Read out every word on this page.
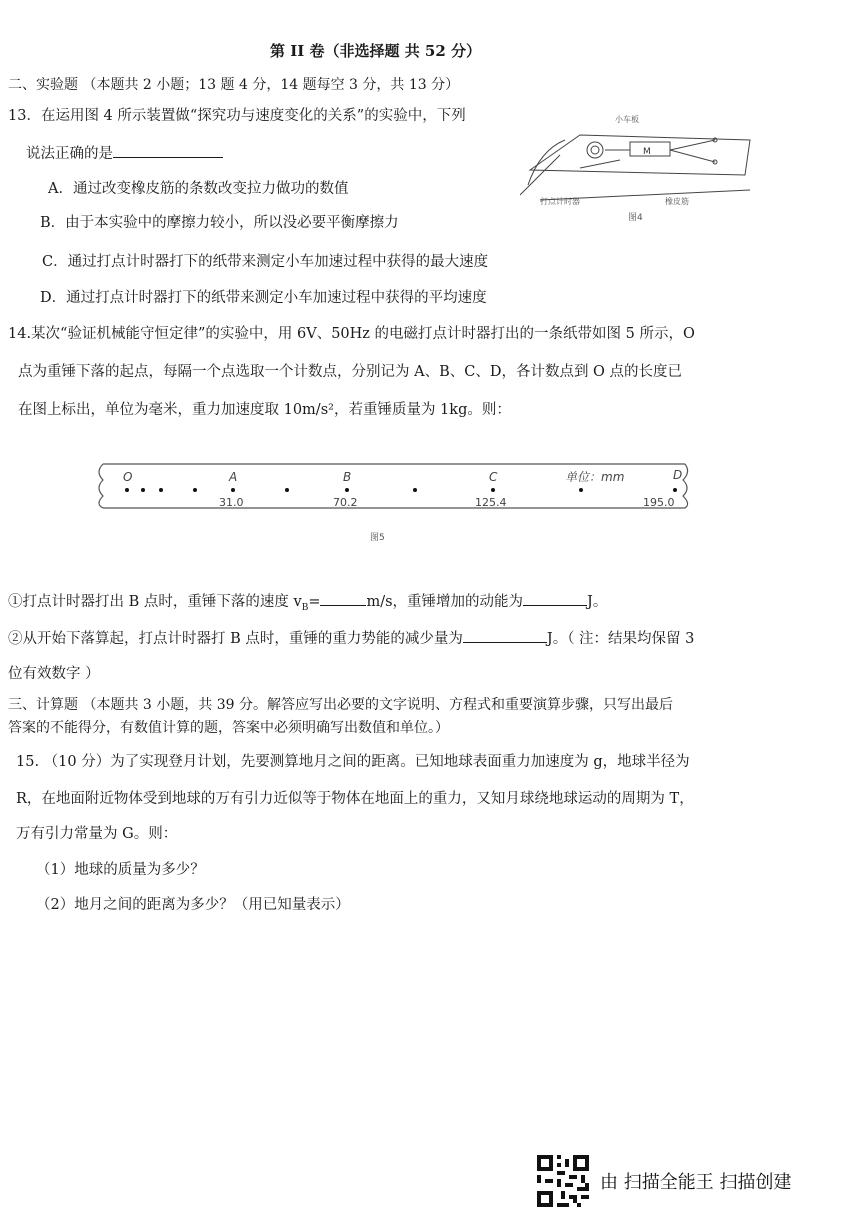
第 II 卷（非选择题 共 52 分）
二、实验题 （本题共 2 小题；13 题 4 分，14 题每空 3 分，共 13 分）
13．在运用图 4 所示装置做“探究功与速度变化的关系”的实验中，下列
说法正确的是
A．通过改变橡皮筋的条数改变拉力做功的数值
B．由于本实验中的摩擦力较小，所以没必要平衡摩擦力
C．通过打点计时器打下的纸带来测定小车加速过程中获得的最大速度
D．通过打点计时器打下的纸带来测定小车加速过程中获得的平均速度
M
小车板
打点计时器	橡皮筋
图4
14.某次“验证机械能守恒定律”的实验中，用 6V、50Hz 的电磁打点计时器打出的一条纸带如图 5 所示，O
点为重锤下落的起点，每隔一个点选取一个计数点，分别记为 A、B、C、D，各计数点到 O 点的长度已
在图上标出，单位为毫米，重力加速度取 10m/s²，若重锤质量为 1kg。则：
O	A	B	C	单位：mm	D
31.0	70.2	125.4	195.0
图5
①打点计时器打出 B 点时，重锤下落的速度 $v_B=$	m/s，重锤增加的动能为	J。
②从开始下落算起，打点计时器打 B 点时，重锤的重力势能的减少量为	J。（ 注：结果均保留 3
位有效数字 ）
三、计算题 （本题共 3 小题，共 39 分。解答应写出必要的文字说明、方程式和重要演算步骤，只写出最后
答案的不能得分，有数值计算的题，答案中必须明确写出数值和单位。）
15. （10 分）为了实现登月计划，先要测算地月之间的距离。已知地球表面重力加速度为 g，地球半径为
R，在地面附近物体受到地球的万有引力近似等于物体在地面上的重力，又知月球绕地球运动的周期为 T，
万有引力常量为 G。则：
（1）地球的质量为多少？
（2）地月之间的距离为多少？（用已知量表示）
由 扫描全能王 扫描创建
